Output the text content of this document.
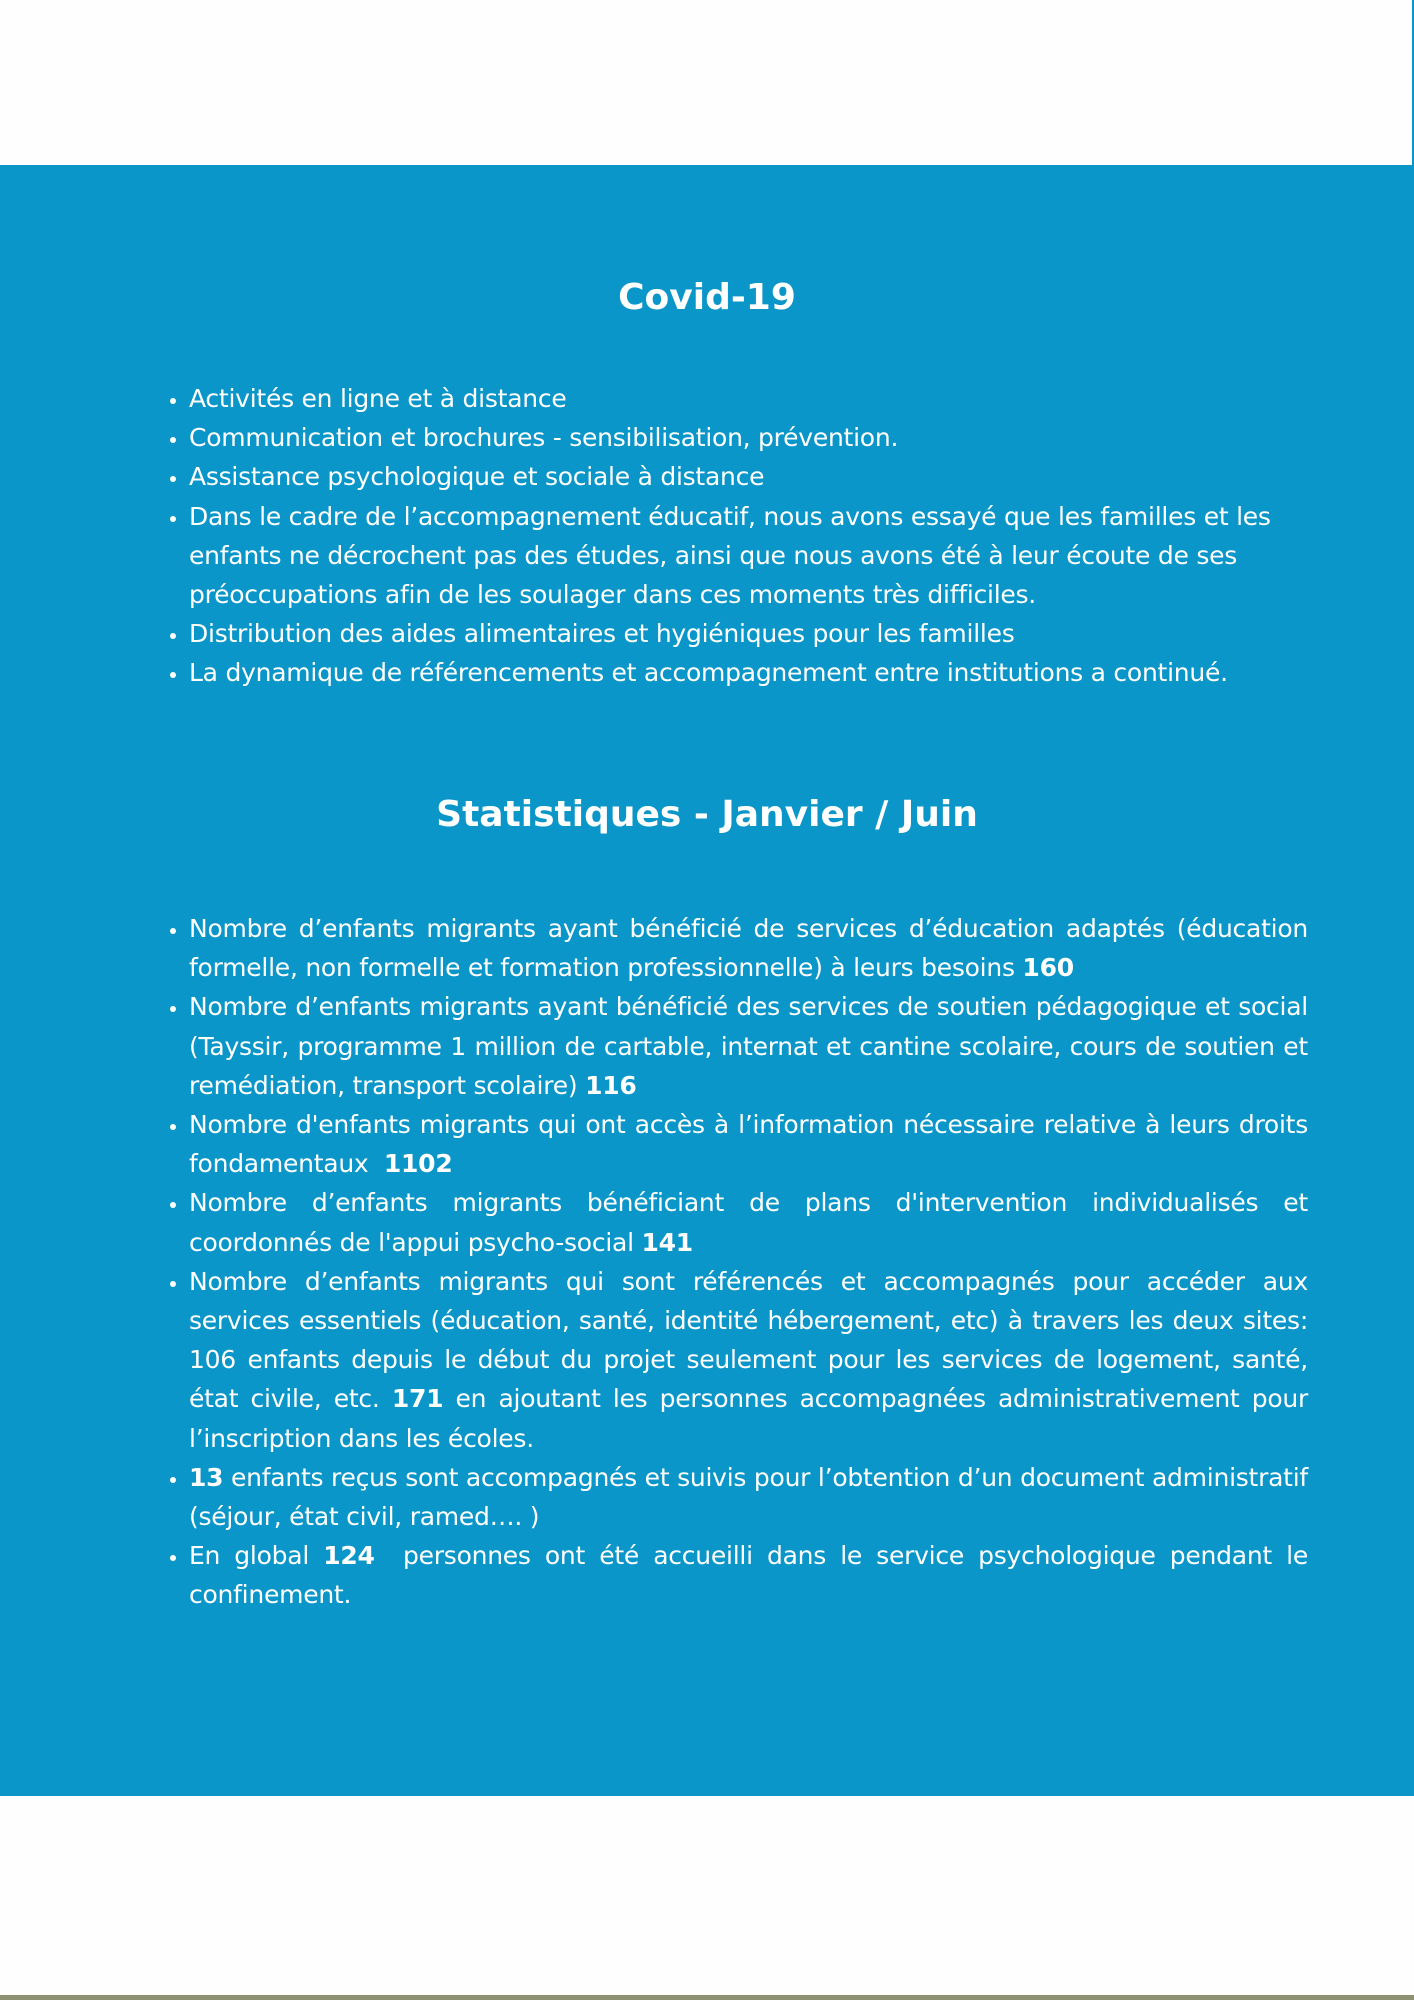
Covid-19
• Activités en ligne et à distance
• Communication et brochures - sensibilisation, prévention.
• Assistance psychologique et sociale à distance
• Dans le cadre de l’accompagnement éducatif, nous avons essayé que les familles et les enfants ne décrochent pas des études, ainsi que nous avons été à leur écoute de ses préoccupations afin de les soulager dans ces moments très difficiles.
• Distribution des aides alimentaires et hygiéniques pour les familles
• La dynamique de référencements et accompagnement entre institutions a continué.
Statistiques - Janvier / Juin
• Nombre d’enfants migrants ayant bénéficié de services d’éducation adaptés (éducation formelle, non formelle et formation professionnelle) à leurs besoins 160
• Nombre d’enfants migrants ayant bénéficié des services de soutien pédagogique et social (Tayssir, programme 1 million de cartable, internat et cantine scolaire, cours de soutien et remédiation, transport scolaire) 116
• Nombre d'enfants migrants qui ont accès à l’information nécessaire relative à leurs droits fondamentaux 1102
• Nombre d’enfants migrants bénéficiant de plans d'intervention individualisés et coordonnés de l'appui psycho-social 141
• Nombre d’enfants migrants qui sont référencés et accompagnés pour accéder aux services essentiels (éducation, santé, identité hébergement, etc) à travers les deux sites: 106 enfants depuis le début du projet seulement pour les services de logement, santé, état civile, etc. 171 en ajoutant les personnes accompagnées administrativement pour l’inscription dans les écoles.
• 13 enfants reçus sont accompagnés et suivis pour l’obtention d’un document administratif (séjour, état civil, ramed…. )
• En global 124 personnes ont été accueilli dans le service psychologique pendant le confinement.
